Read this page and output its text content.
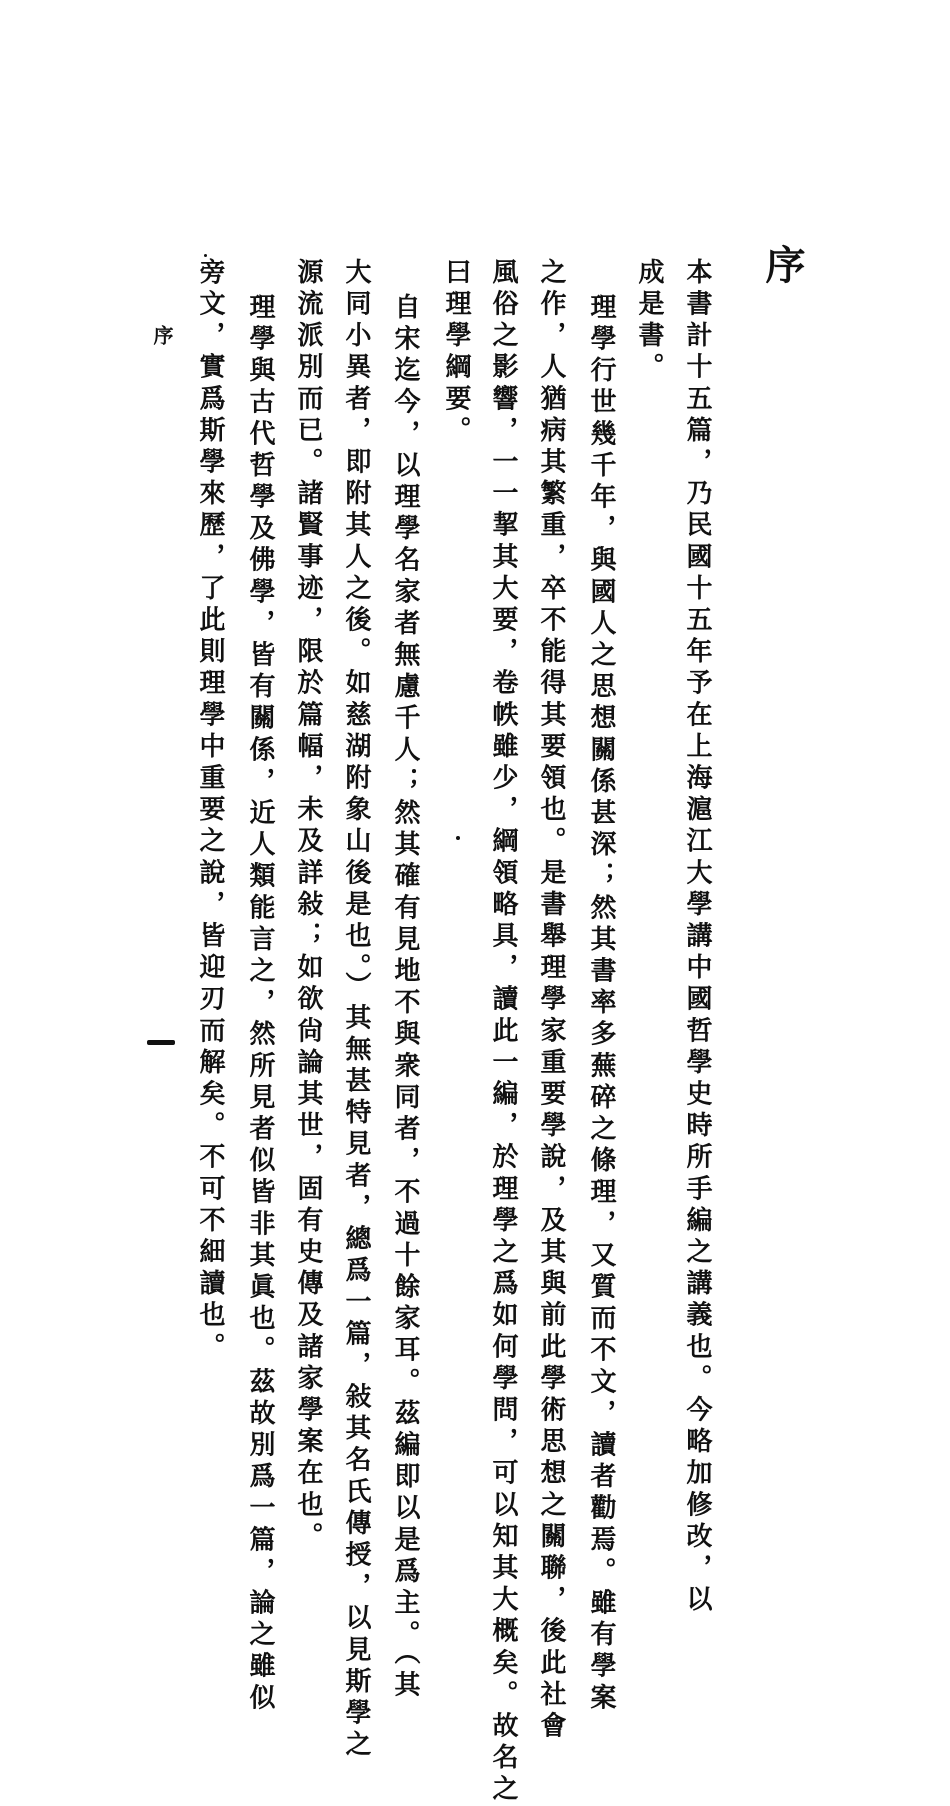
序
本書計十五篇，乃民國十五年予在上海滬江大學講中國哲學史時所手編之講義也。今略加修改，以
成是書。
理學行世幾千年，與國人之思想關係甚深；然其書率多蕪碎之條理，又質而不文，讀者勸焉。雖有學案
之作，人猶病其繁重，卒不能得其要領也。是書舉理學家重要學說，及其與前此學術思想之關聯，後此社會
風俗之影響，一一挈其大要，卷帙雖少，綱領略具，讀此一編，於理學之爲如何學問，可以知其大概矣。故名之
曰理學綱要。
自宋迄今，以理學名家者無慮千人；然其確有見地不與衆同者，不過十餘家耳。茲編即以是爲主。（其
大同小異者，即附其人之後。如慈湖附象山後是也。）其無甚特見者，總爲一篇，敍其名氏傳授，以見斯學之
源流派別而已。諸賢事迹，限於篇幅，未及詳敍；如欲尙論其世，固有史傳及諸家學案在也。
理學與古代哲學及佛學，皆有關係，近人類能言之，然所見者似皆非其眞也。茲故別爲一篇，論之雖似
旁文，實爲斯學來歷，了此則理學中重要之說，皆迎刃而解矣。不可不細讀也。
序
